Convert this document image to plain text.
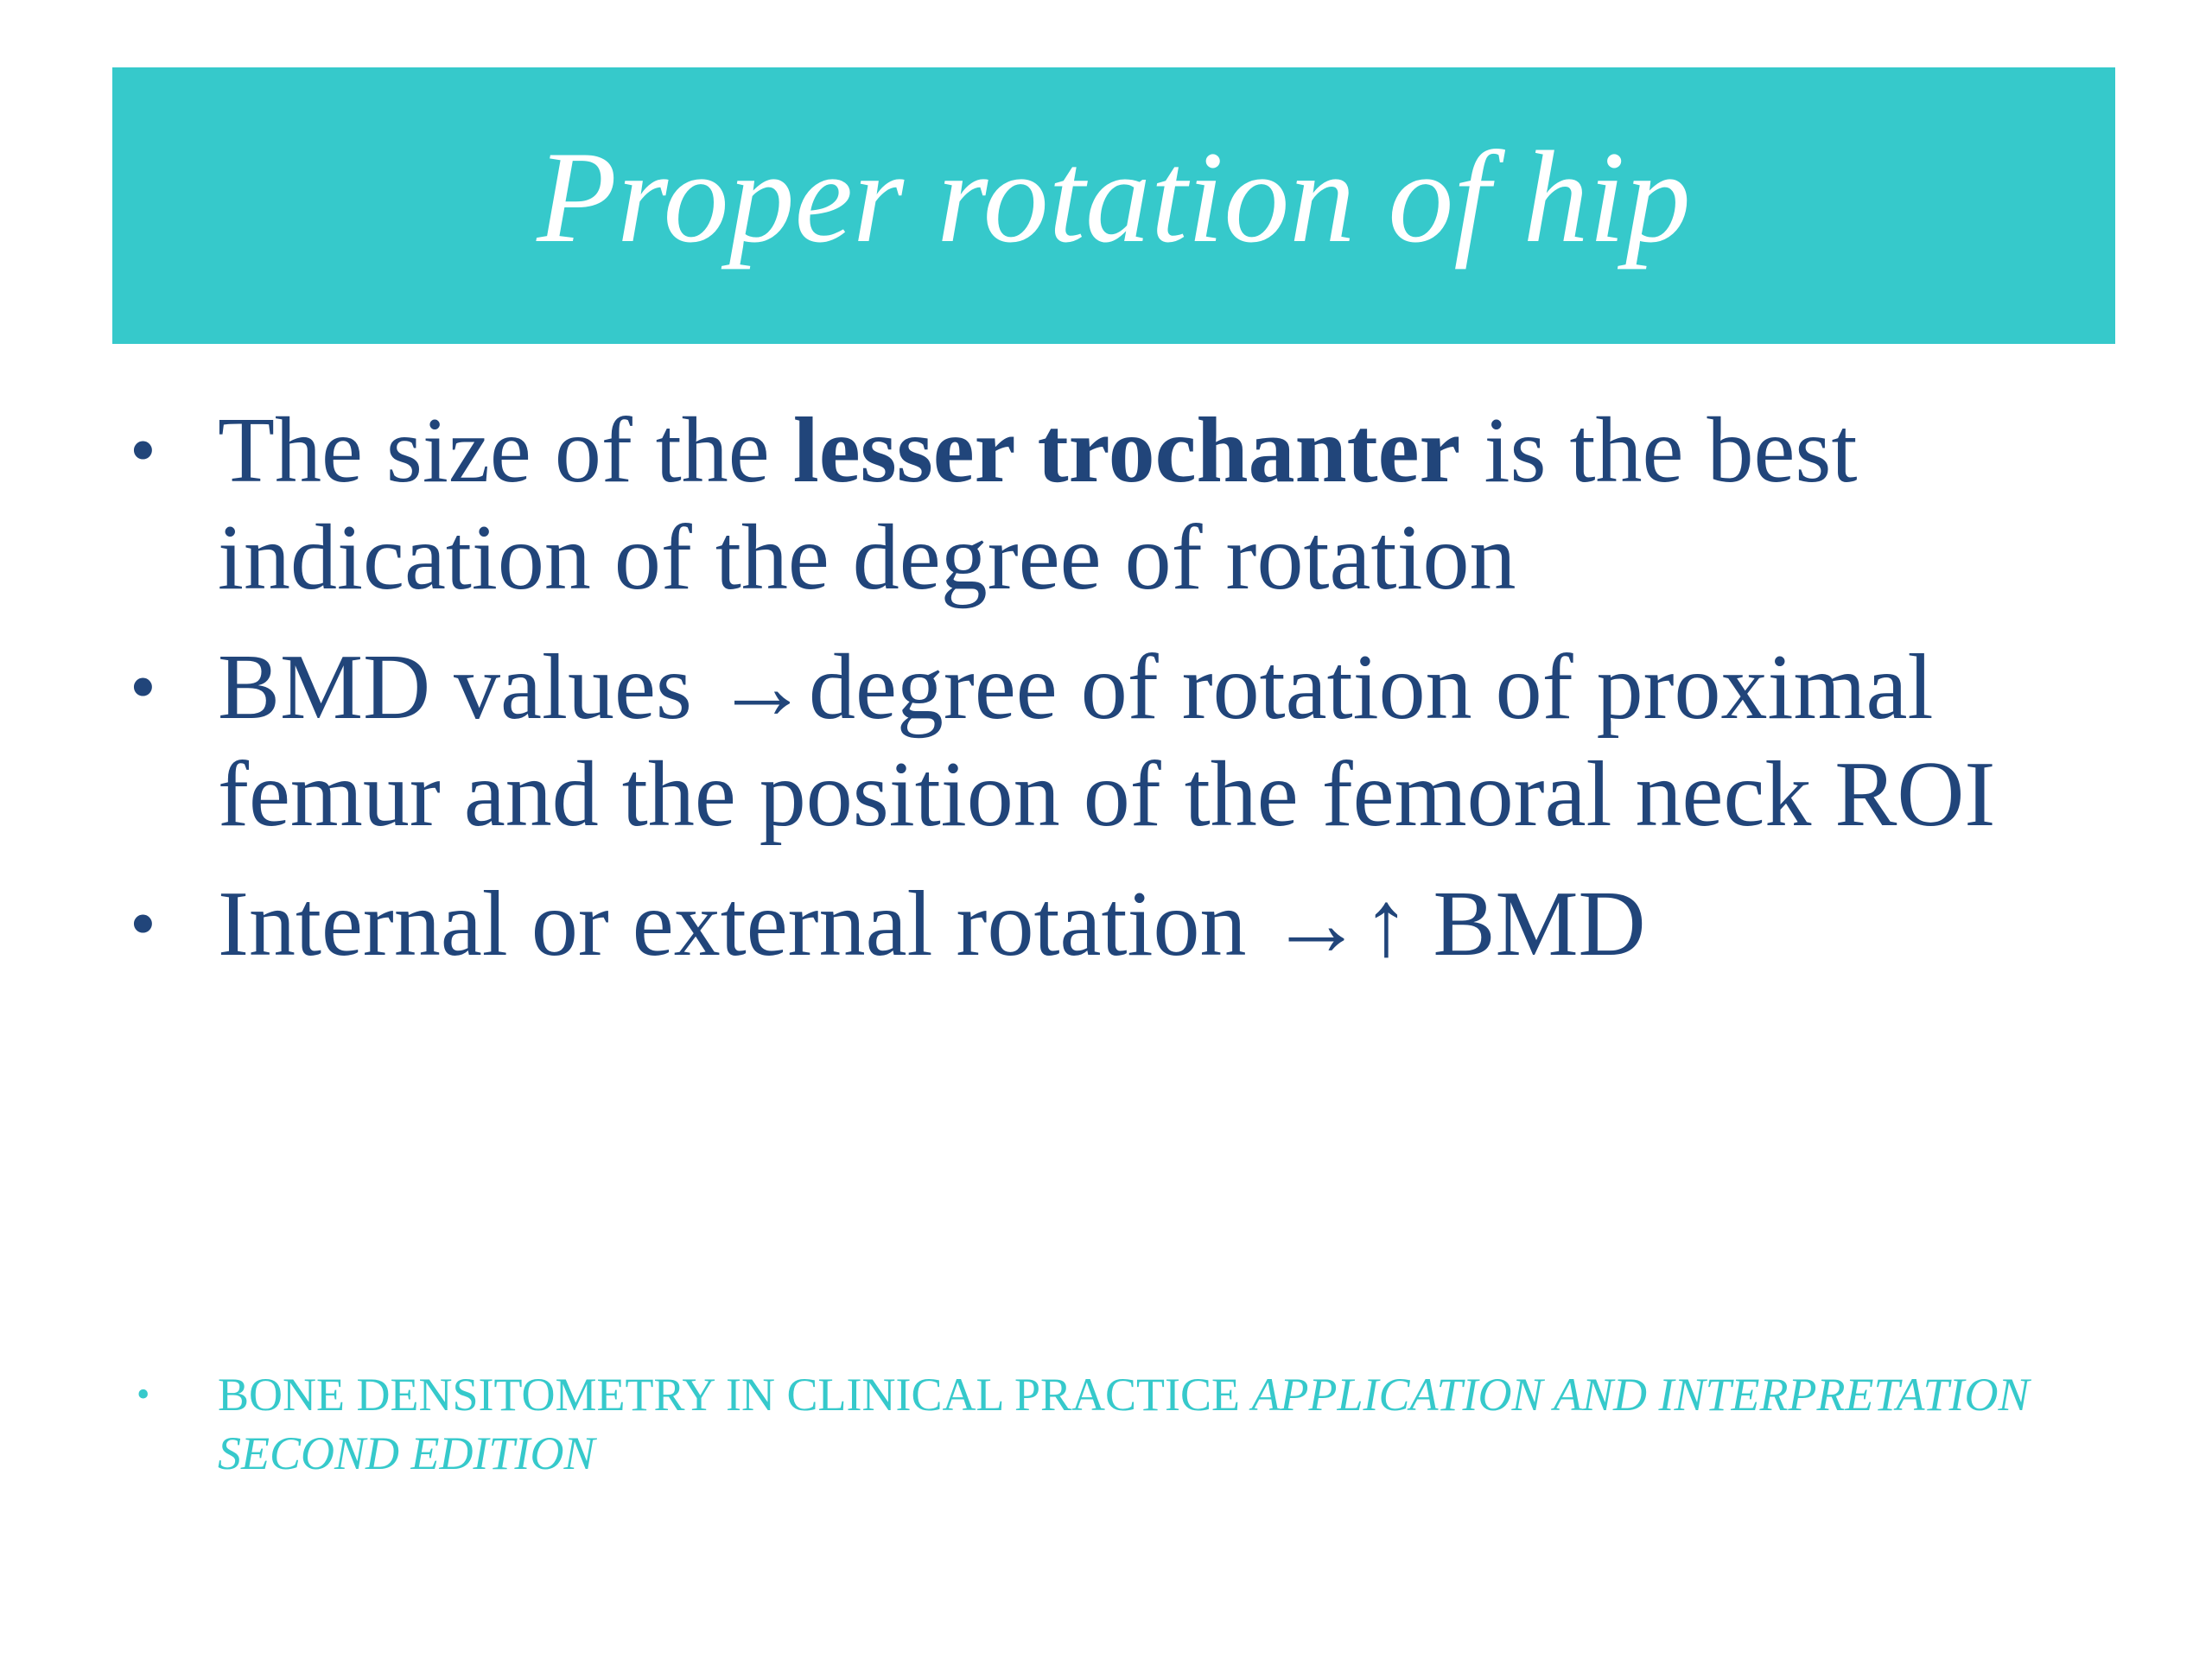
Proper rotation of hip
• The size of the lesser trochanter is the best indication of the degree of rotation
• BMD values →degree of rotation of proximal femur and the position of the femoral neck ROI
• Internal or external rotation →↑ BMD
• BONE DENSITOMETRY IN CLINICAL PRACTICE APPLICATION AND INTERPRETATION SECOND EDITION
